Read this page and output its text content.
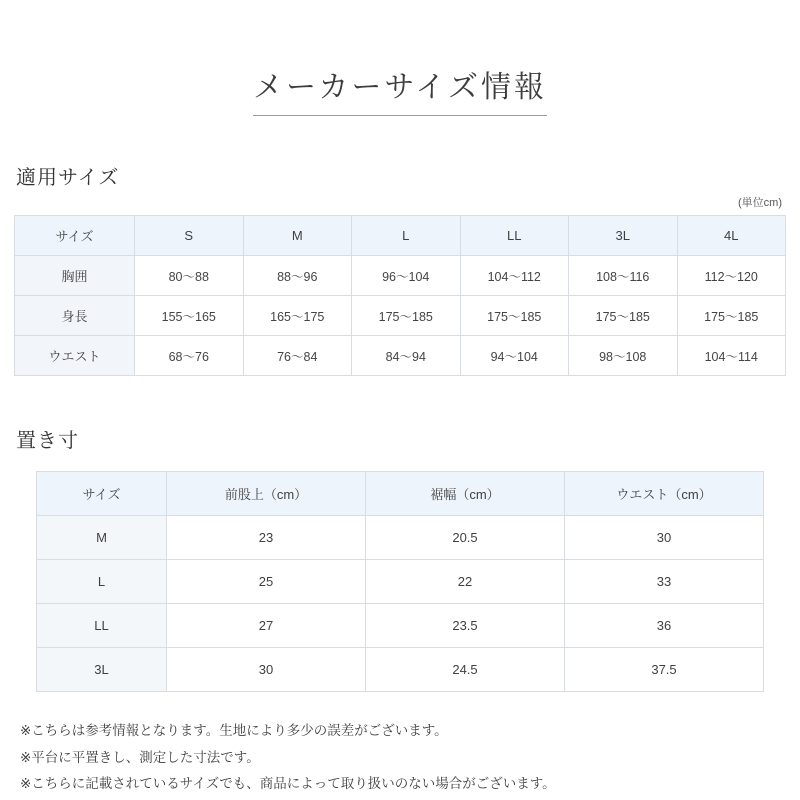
メーカーサイズ情報
適用サイズ
(単位cm)
サイズ	S	M	L	LL	3L	4L
胸囲	80〜88	88〜96	96〜104	104〜112	108〜116	112〜120
身長	155〜165	165〜175	175〜185	175〜185	175〜185	175〜185
ウエスト	68〜76	76〜84	84〜94	94〜104	98〜108	104〜114
置き寸
サイズ	前股上（cm）	裾幅（cm）	ウエスト（cm）
M	23	20.5	30
L	25	22	33
LL	27	23.5	36
3L	30	24.5	37.5
※こちらは参考情報となります。生地により多少の誤差がございます。
※平台に平置きし、測定した寸法です。
※こちらに記載されているサイズでも、商品によって取り扱いのない場合がございます。
